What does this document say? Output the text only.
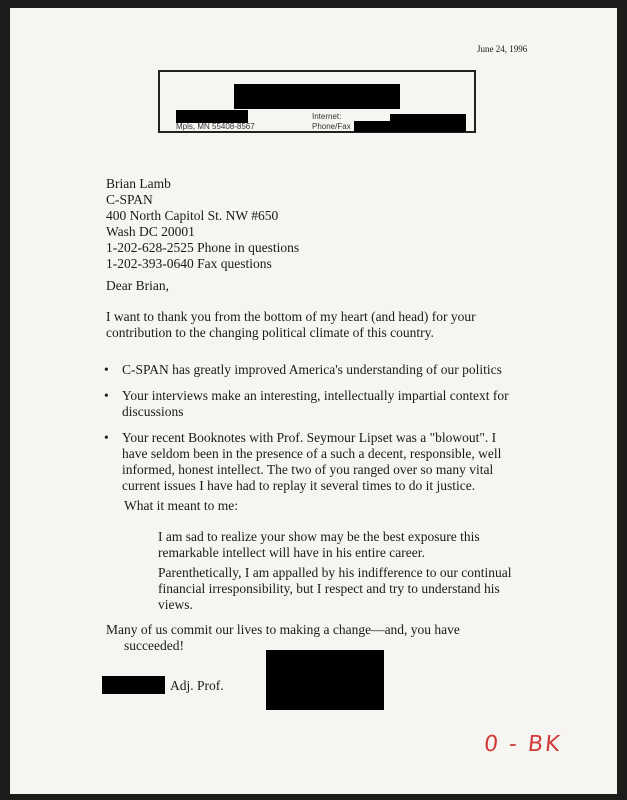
June 24, 1996
Mpls, MN 55408-8567
Internet:
Phone/Fax
Brian Lamb
C-SPAN
400 North Capitol St. NW #650
Wash DC 20001
1-202-628-2525 Phone in questions
1-202-393-0640 Fax questions
Dear Brian,
I want to thank you from the bottom of my heart (and head) for your
contribution to the changing political climate of this country.
• C-SPAN has greatly improved America's understanding of our politics
• Your interviews make an interesting, intellectually impartial context for
discussions
• Your recent Booknotes with Prof. Seymour Lipset was a "blowout". I
have seldom been in the presence of a such a decent, responsible, well
informed, honest intellect. The two of you ranged over so many vital
current issues I have had to replay it several times to do it justice.
What it meant to me:
I am sad to realize your show may be the best exposure this
remarkable intellect will have in his entire career.
Parenthetically, I am appalled by his indifference to our continual
financial irresponsibility, but I respect and try to understand his
views.
Many of us commit our lives to making a change—and, you have
succeeded!
Adj. Prof.
0 - BK
